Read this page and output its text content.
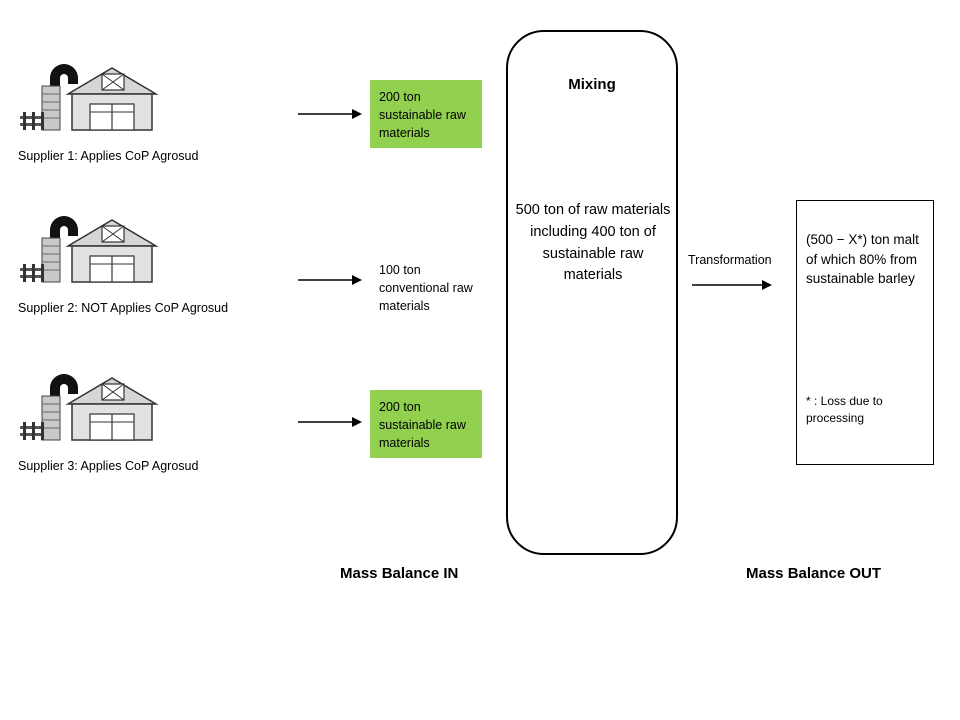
Supplier 1: Applies CoP Agrosud
200 ton sustainable raw materials
Supplier 2: NOT Applies CoP Agrosud
100 ton conventional raw materials
Supplier 3: Applies CoP Agrosud
200 ton sustainable raw materials
Mixing
500 ton of raw materials including 400 ton of sustainable raw materials
Transformation
(500 − X*) ton malt of which 80% from sustainable barley
* : Loss due to processing
Mass Balance IN	Mass Balance OUT
